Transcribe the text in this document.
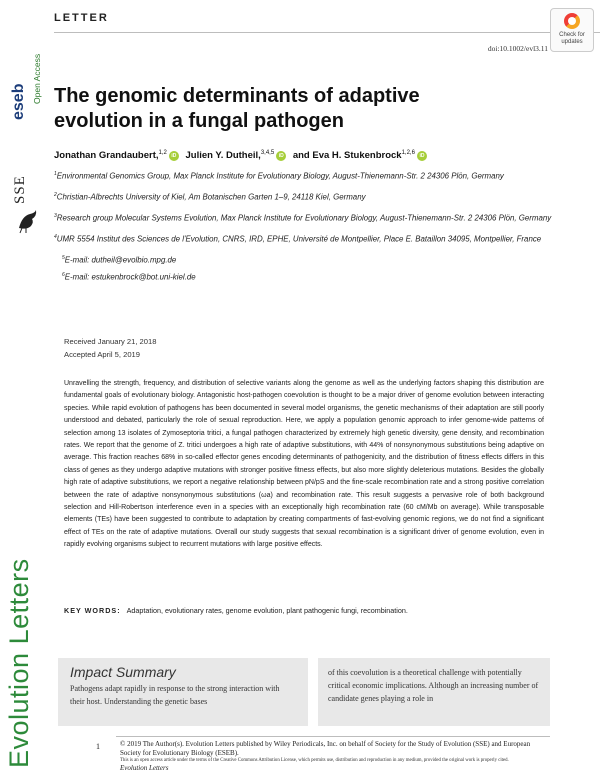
LETTER
doi:10.1002/evl3.11
Check for updates
Open Access
eseb
SSE
Evolution Letters
The genomic determinants of adaptive evolution in a fungal pathogen
Jonathan Grandaubert,$^{1,2}$ iD Julien Y. Dutheil,$^{3,4,5}$ iD and Eva H. Stukenbrock$^{1,2,6}$ iD
$^1$Environmental Genomics Group, Max Planck Institute for Evolutionary Biology, August-Thienemann-Str. 2 24306 Plön, Germany
$^2$Christian-Albrechts University of Kiel, Am Botanischen Garten 1–9, 24118 Kiel, Germany
$^3$Research group Molecular Systems Evolution, Max Planck Institute for Evolutionary Biology, August-Thienemann-Str. 2 24306 Plön, Germany
$^4$UMR 5554 Institut des Sciences de l'Evolution, CNRS, IRD, EPHE, Université de Montpellier, Place E. Bataillon 34095, Montpellier, France
$^5$E-mail: dutheil@evolbio.mpg.de
$^6$E-mail: estukenbrock@bot.uni-kiel.de
Received January 21, 2018
Accepted April 5, 2019

Unravelling the strength, frequency, and distribution of selective variants along the genome as well as the underlying factors shaping this distribution are fundamental goals of evolutionary biology. Antagonistic host-pathogen coevolution is thought to be a major driver of genome evolution between interacting species. While rapid evolution of pathogens has been documented in several model organisms, the genetic mechanisms of their adaptation are still poorly understood and debated, particularly the role of sexual reproduction. Here, we apply a population genomic approach to infer genome-wide patterns of selection among 13 isolates of Zymoseptoria tritici, a fungal pathogen characterized by extremely high genetic diversity, gene density, and recombination rates. We report that the genome of Z. tritici undergoes a high rate of adaptive substitutions, with 44% of nonsynonymous substitutions being adaptive on average. This fraction reaches 68% in so-called effector genes encoding determinants of pathogenicity, and the distribution of fitness effects differs in this class of genes as they undergo adaptive mutations with stronger positive fitness effects, but also more slightly deleterious mutations. Besides the globally high rate of adaptive substitutions, we report a negative relationship between pN/pS and the fine-scale recombination rate and a strong positive correlation between the rate of adaptive nonsynonymous substitutions (ωa) and recombination rate. This result suggests a pervasive role of both background selection and Hill-Robertson interference even in a species with an exceptionally high recombination rate (60 cM/Mb on average). While transposable elements (TEs) have been suggested to contribute to adaptation by creating compartments of fast-evolving genomic regions, we do not find a significant effect of TEs on the rate of adaptive mutations. Overall our study suggests that sexual recombination is a significant driver of genome evolution, even in rapidly evolving organisms subject to recurrent mutations with large positive effects.

KEY WORDS: Adaptation, evolutionary rates, genome evolution, plant pathogenic fungi, recombination.
Impact Summary
Pathogens adapt rapidly in response to the strong interaction with their host. Understanding the genetic bases
of this coevolution is a theoretical challenge with potentially critical economic implications. Although an increasing number of candidate genes playing a role in
1	© 2019 The Author(s). Evolution Letters published by Wiley Periodicals, Inc. on behalf of Society for the Study of Evolution (SSE) and European Society for Evolutionary Biology (ESEB).
This is an open access article under the terms of the Creative Commons Attribution License, which permits use, distribution and reproduction in any medium, provided the original work is properly cited.
Evolution Letters
